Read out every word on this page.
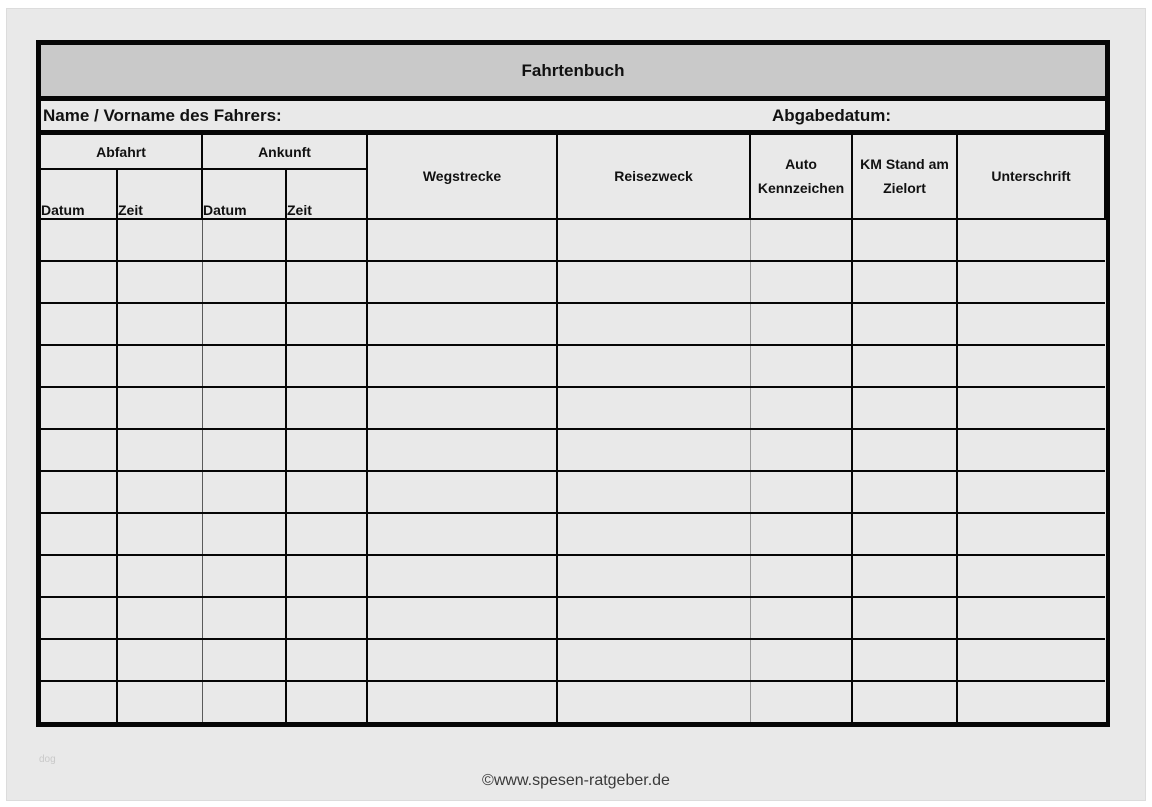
dog
Fahrtenbuch
Name / Vorname des Fahrers:	Abgabedatum:
Abfahrt		Ankunft		Wegstrecke	Reisezweck	Auto Kennzeichen	KM Stand am Zielort	Unterschrift
Datum	Zeit	Datum	Zeit					

©www.spesen-ratgeber.de
